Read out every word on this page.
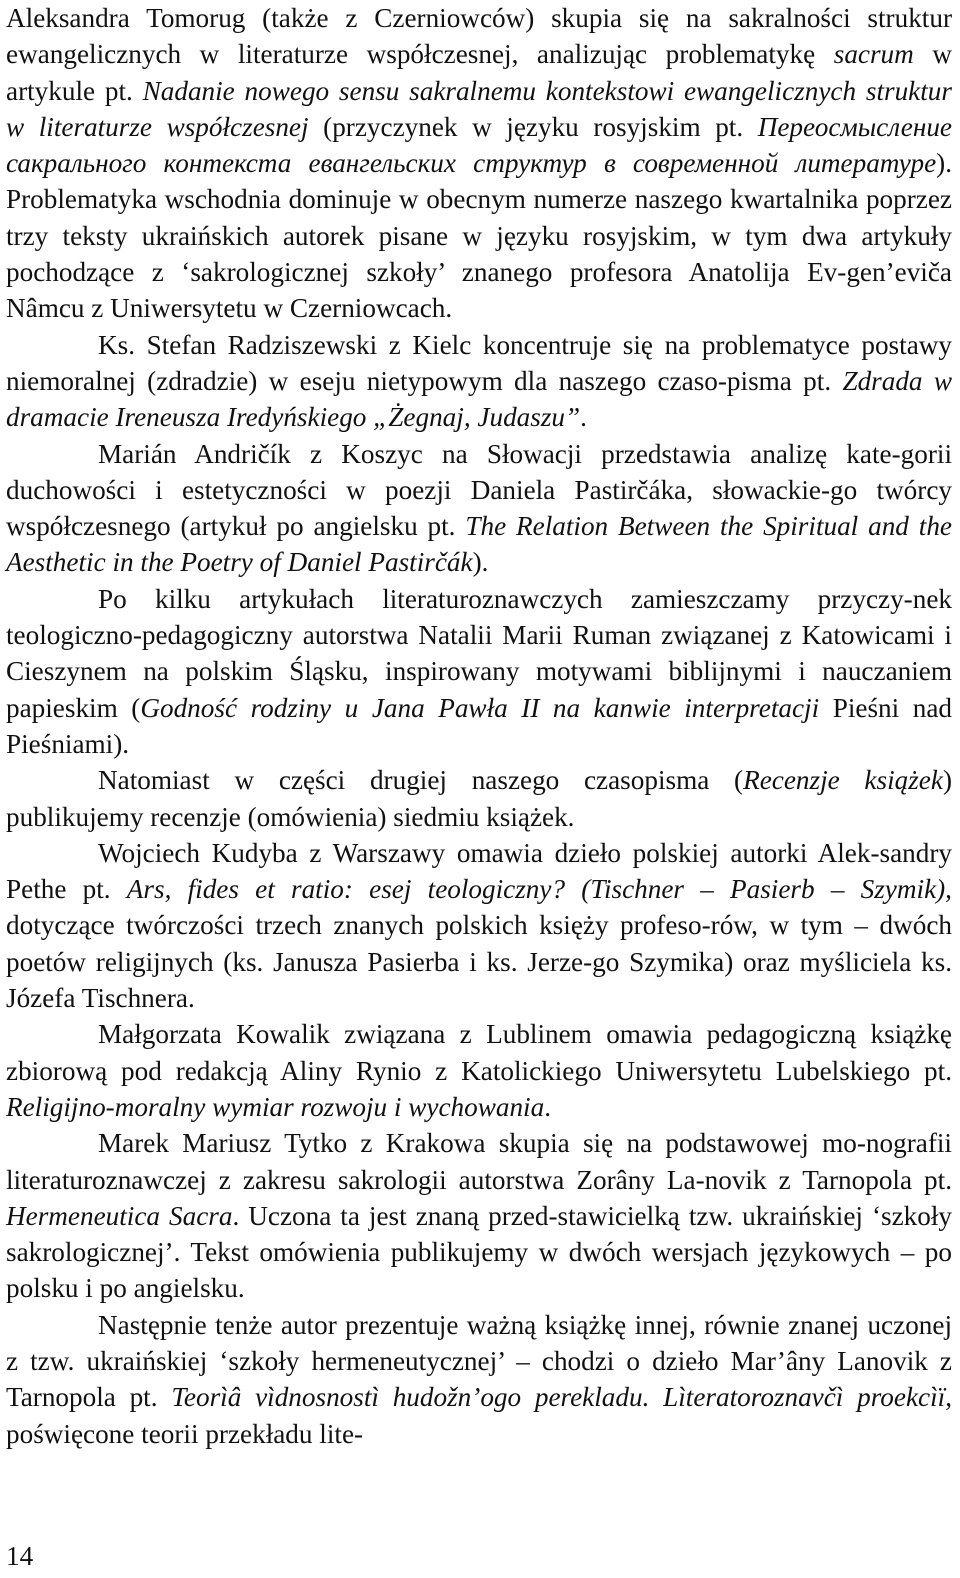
Aleksandra Tomorug (także z Czerniowców) skupia się na sakralności struktur ewangelicznych w literaturze współczesnej, analizując problematykę sacrum w artykule pt. Nadanie nowego sensu sakralnemu kontekstowi ewangelicznych struktur w literaturze współczesnej (przyczynek w języku rosyjskim pt. Переосмысление сакрального контекста евангельских структур в современной литературе). Problematyka wschodnia dominuje w obecnym numerze naszego kwartalnika poprzez trzy teksty ukraińskich autorek pisane w języku rosyjskim, w tym dwa artykuły pochodzące z ‘sakrologicznej szkoły’ znanego profesora Anatolija Ev-gen’eviča Nâmcu z Uniwersytetu w Czerniowcach.

Ks. Stefan Radziszewski z Kielc koncentruje się na problematyce postawy niemoralnej (zdradzie) w eseju nietypowym dla naszego czaso-pisma pt. Zdrada w dramacie Ireneusza Iredyńskiego „Żegnaj, Judaszu”.

Marián Andričík z Koszyc na Słowacji przedstawia analizę kate-gorii duchowości i estetyczności w poezji Daniela Pastirčáka, słowackie-go twórcy współczesnego (artykuł po angielsku pt. The Relation Between the Spiritual and the Aesthetic in the Poetry of Daniel Pastirčák).

Po kilku artykułach literaturoznawczych zamieszczamy przyczy-nek teologiczno-pedagogiczny autorstwa Natalii Marii Ruman związanej z Katowicami i Cieszynem na polskim Śląsku, inspirowany motywami biblijnymi i nauczaniem papieskim (Godność rodziny u Jana Pawła II na kanwie interpretacji Pieśni nad Pieśniami).

Natomiast w części drugiej naszego czasopisma (Recenzje książek) publikujemy recenzje (omówienia) siedmiu książek.

Wojciech Kudyba z Warszawy omawia dzieło polskiej autorki Alek-sandry Pethe pt. Ars, fides et ratio: esej teologiczny? (Tischner – Pasierb – Szymik), dotyczące twórczości trzech znanych polskich księży profeso-rów, w tym – dwóch poetów religijnych (ks. Janusza Pasierba i ks. Jerze-go Szymika) oraz myśliciela ks. Józefa Tischnera.

Małgorzata Kowalik związana z Lublinem omawia pedagogiczną książkę zbiorową pod redakcją Aliny Rynio z Katolickiego Uniwersytetu Lubelskiego pt. Religijno-moralny wymiar rozwoju i wychowania.

Marek Mariusz Tytko z Krakowa skupia się na podstawowej mo-nografii literaturoznawczej z zakresu sakrologii autorstwa Zorâny La-novik z Tarnopola pt. Hermeneutica Sacra. Uczona ta jest znaną przed-stawicielką tzw. ukraińskiej ‘szkoły sakrologicznej’. Tekst omówienia publikujemy w dwóch wersjach językowych – po polsku i po angielsku.

Następnie tenże autor prezentuje ważną książkę innej, równie znanej uczonej z tzw. ukraińskiej ‘szkoły hermeneutycznej’ – chodzi o dzieło Mar’âny Lanovik z Tarnopola pt. Teorìâ vìdnosnostì hudožn’ogo perekladu. Lìteratoroznavčì proekcìï, poświęcone teorii przekładu lite-

14
